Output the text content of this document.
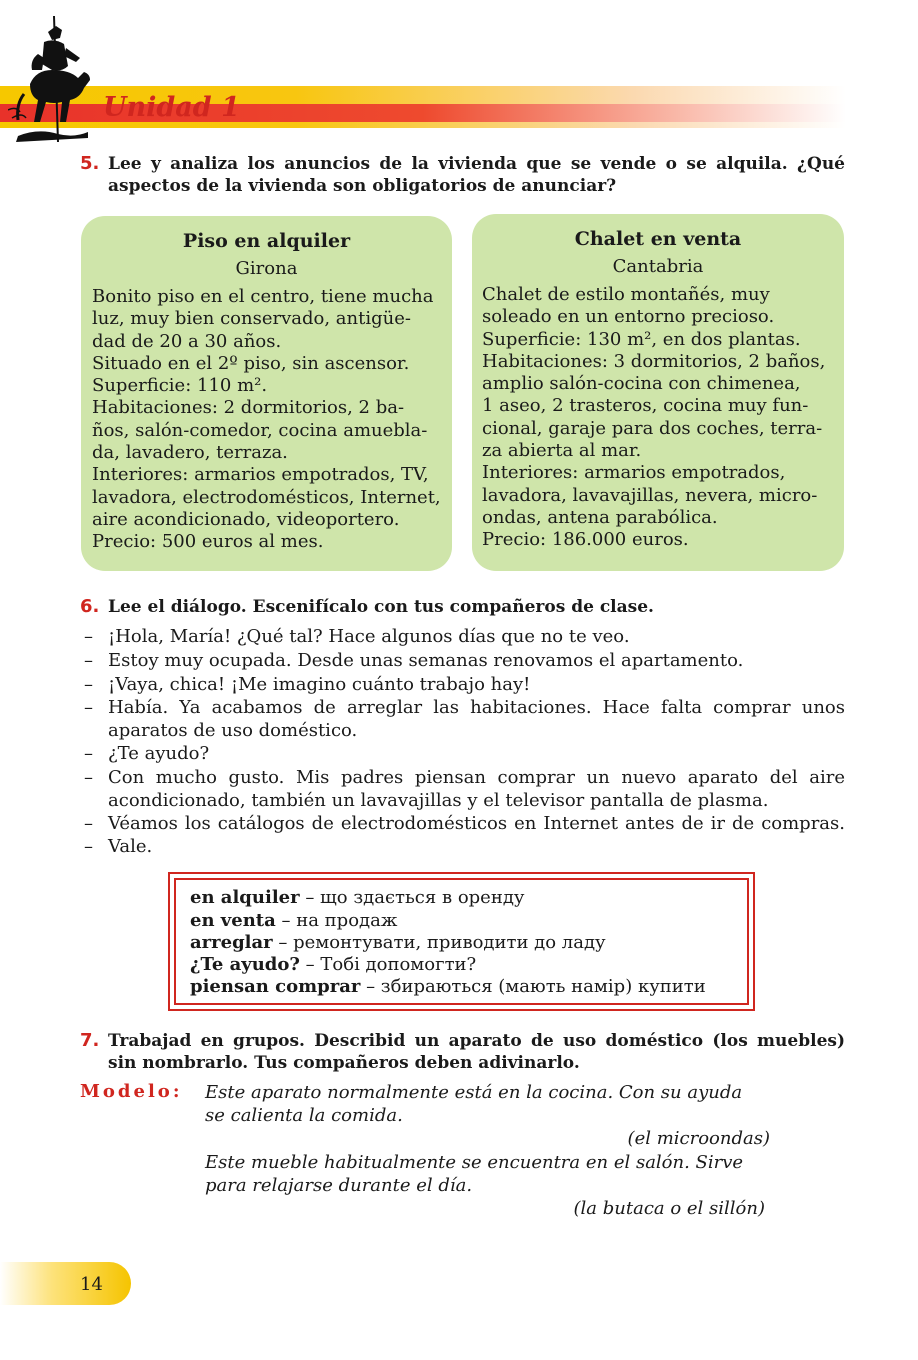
Unidad 1
5. Lee y analiza los anuncios de la vivienda que se vende o se alquila. ¿Qué
aspectos de la vivienda son obligatorios de anunciar?
Piso en alquiler
Girona
Bonito piso en el centro, tiene mucha
luz, muy bien conservado, antigüe-
dad de 20 a 30 años.
Situado en el 2º piso, sin ascensor.
Superficie: 110 m².
Habitaciones: 2 dormitorios, 2 ba-
ños, salón-comedor, cocina amuebla-
da, lavadero, terraza.
Interiores: armarios empotrados, TV,
lavadora, electrodomésticos, Internet,
aire acondicionado, videoportero.
Precio: 500 euros al mes.
Chalet en venta
Cantabria
Chalet de estilo montañés, muy
soleado en un entorno precioso.
Superficie: 130 m², en dos plantas.
Habitaciones: 3 dormitorios, 2 baños,
amplio salón-cocina con chimenea,
1 aseo, 2 trasteros, cocina muy fun-
cional, garaje para dos coches, terra-
za abierta al mar.
Interiores: armarios empotrados,
lavadora, lavavajillas, nevera, micro-
ondas, antena parabólica.
Precio: 186.000 euros.
6. Lee el diálogo. Escenifícalo con tus compañeros de clase.
– ¡Hola, María! ¿Qué tal? Hace algunos días que no te veo.
– Estoy muy ocupada. Desde unas semanas renovamos el apartamento.
– ¡Vaya, chica! ¡Me imagino cuánto trabajo hay!
– Había. Ya acabamos de arreglar las habitaciones. Hace falta comprar unos
aparatos de uso doméstico.
– ¿Te ayudo?
– Con mucho gusto. Mis padres piensan comprar un nuevo aparato del aire
acondicionado, también un lavavajillas y el televisor pantalla de plasma.
– Véamos los catálogos de electrodomésticos en Internet antes de ir de compras.
– Vale.
en alquiler – що здається в оренду
en venta – на продаж
arreglar – ремонтувати, приводити до ладу
¿Te ayudo? – Тобі допомогти?
piensan comprar – збираються (мають намір) купити
7. Trabajad en grupos. Describid un aparato de uso doméstico (los muebles)
sin nombrarlo. Tus compañeros deben adivinarlo.
Modelo: Este aparato normalmente está en la cocina. Con su ayuda
se calienta la comida.
(el microondas)
Este mueble habitualmente se encuentra en el salón. Sirve
para relajarse durante el día.
(la butaca o el sillón)
14
